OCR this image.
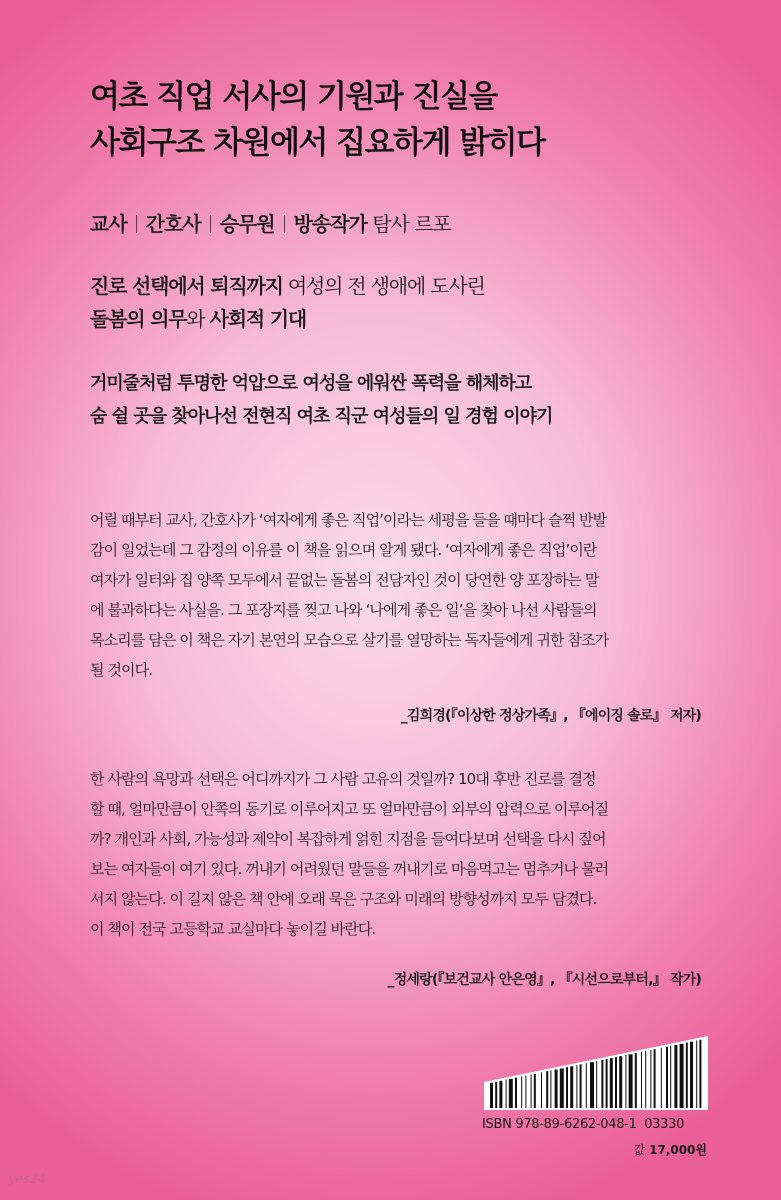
여초 직업 서사의 기원과 진실을
사회구조 차원에서 집요하게 밝히다
교사 간호사 승무원 방송작가 탐사 르포
진로 선택에서 퇴직까지 여성의 전 생애에 도사린
돌봄의 의무와 사회적 기대
거미줄처럼 투명한 억압으로 여성을 에워싼 폭력을 해체하고
숨 쉴 곳을 찾아나선 전현직 여초 직군 여성들의 일 경험 이야기
어릴 때부터 교사, 간호사가 ‘여자에게 좋은 직업’이라는 세평을 들을 때마다 슬쩍 반발
감이 일었는데 그 감정의 이유를 이 책을 읽으며 알게 됐다. ‘여자에게 좋은 직업’이란
여자가 일터와 집 양쪽 모두에서 끝없는 돌봄의 전담자인 것이 당연한 양 포장하는 말
에 불과하다는 사실을. 그 포장지를 찢고 나와 ‘나에게 좋은 일’을 찾아 나선 사람들의
목소리를 담은 이 책은 자기 본연의 모습으로 살기를 열망하는 독자들에게 귀한 참조가
될 것이다.
_김희경(『이상한 정상가족』, 『에이징 솔로』 저자)
한 사람의 욕망과 선택은 어디까지가 그 사람 고유의 것일까? 10대 후반 진로를 결정
할 때, 얼마만큼이 안쪽의 동기로 이루어지고 또 얼마만큼이 외부의 압력으로 이루어질
까? 개인과 사회, 가능성과 제약이 복잡하게 얽힌 지점을 들여다보며 선택을 다시 짚어
보는 여자들이 여기 있다. 꺼내기 어려웠던 말들을 꺼내기로 마음먹고는 멈추거나 물러
서지 않는다. 이 길지 않은 책 안에 오래 묵은 구조와 미래의 방향성까지 모두 담겼다.
이 책이 전국 고등학교 교실마다 놓이길 바란다.
_정세랑(『보건교사 안은영』, 『시선으로부터,』 작가)
ISBN 978-89-6262-048-1  03330
값 17,000원
yes24
